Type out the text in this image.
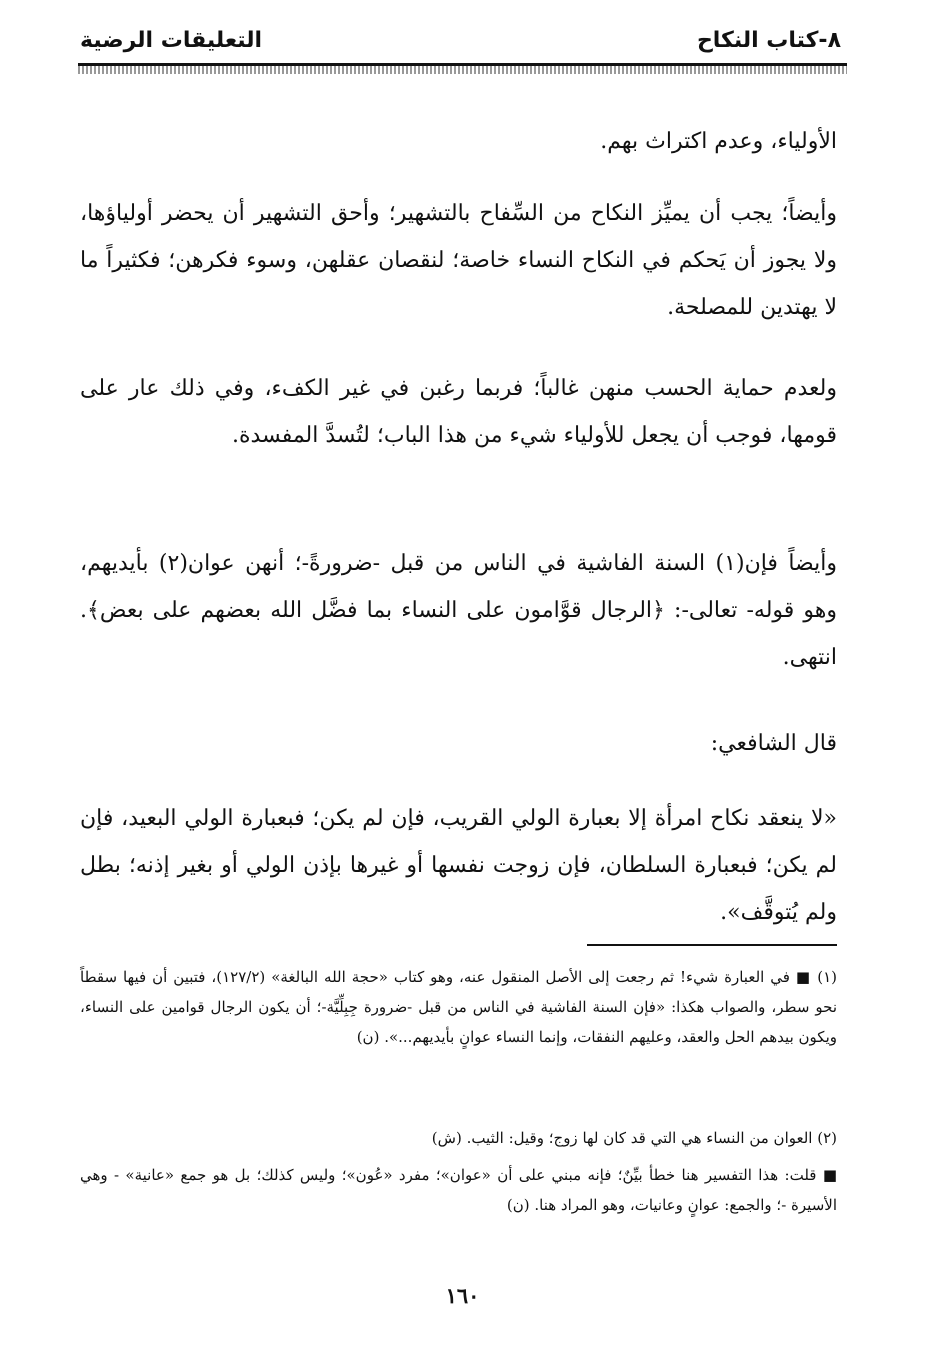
٨-كتاب النكاح
التعليقات الرضية
الأولياء، وعدم اكتراث بهم.
وأيضاً؛ يجب أن يميِّز النكاح من السِّفاح بالتشهير؛ وأحق التشهير أن يحضر أولياؤها، ولا يجوز أن يَحكم في النكاح النساء خاصة؛ لنقصان عقلهن، وسوء فكرهن؛ فكثيراً ما لا يهتدين للمصلحة.
ولعدم حماية الحسب منهن غالباً؛ فربما رغبن في غير الكفء، وفي ذلك عار على قومها، فوجب أن يجعل للأولياء شيء من هذا الباب؛ لتُسدَّ المفسدة.
وأيضاً فإن(١) السنة الفاشية في الناس من قبل -ضرورةً-؛ أنهن عوان(٢) بأيديهم، وهو قوله- تعالى-: ﴿الرجال قوَّامون على النساء بما فضَّل الله بعضهم على بعض﴾. انتهى.
قال الشافعي:
«لا ينعقد نكاح امرأة إلا بعبارة الولي القريب، فإن لم يكن؛ فبعبارة الولي البعيد، فإن لم يكن؛ فبعبارة السلطان، فإن زوجت نفسها أو غيرها بإذن الولي أو بغير إذنه؛ بطل ولم يُتوقَّف».
(١) ■ في العبارة شيء! ثم رجعت إلى الأصل المنقول عنه، وهو كتاب «حجة الله البالغة» (١٢٧/٢)، فتبين أن فيها سقطاً نحو سطر، والصواب هكذا: «فإن السنة الفاشية في الناس من قبل -ضرورة جِبِلِّيَّة-؛ أن يكون الرجال قوامين على النساء، ويكون بيدهم الحل والعقد، وعليهم النفقات، وإنما النساء عوانٍ بأيديهم...». (ن)
(٢) العوان من النساء هي التي قد كان لها زوج؛ وقيل: الثيب. (ش)
■ قلت: هذا التفسير هنا خطأ بيِّنٌ؛ فإنه مبني على أن «عوان»؛ مفرد «عُون»؛ وليس كذلك؛ بل هو جمع «عانية» - وهي الأسيرة -؛ والجمع: عوانٍ وعانيات، وهو المراد هنا. (ن)
١٦٠
